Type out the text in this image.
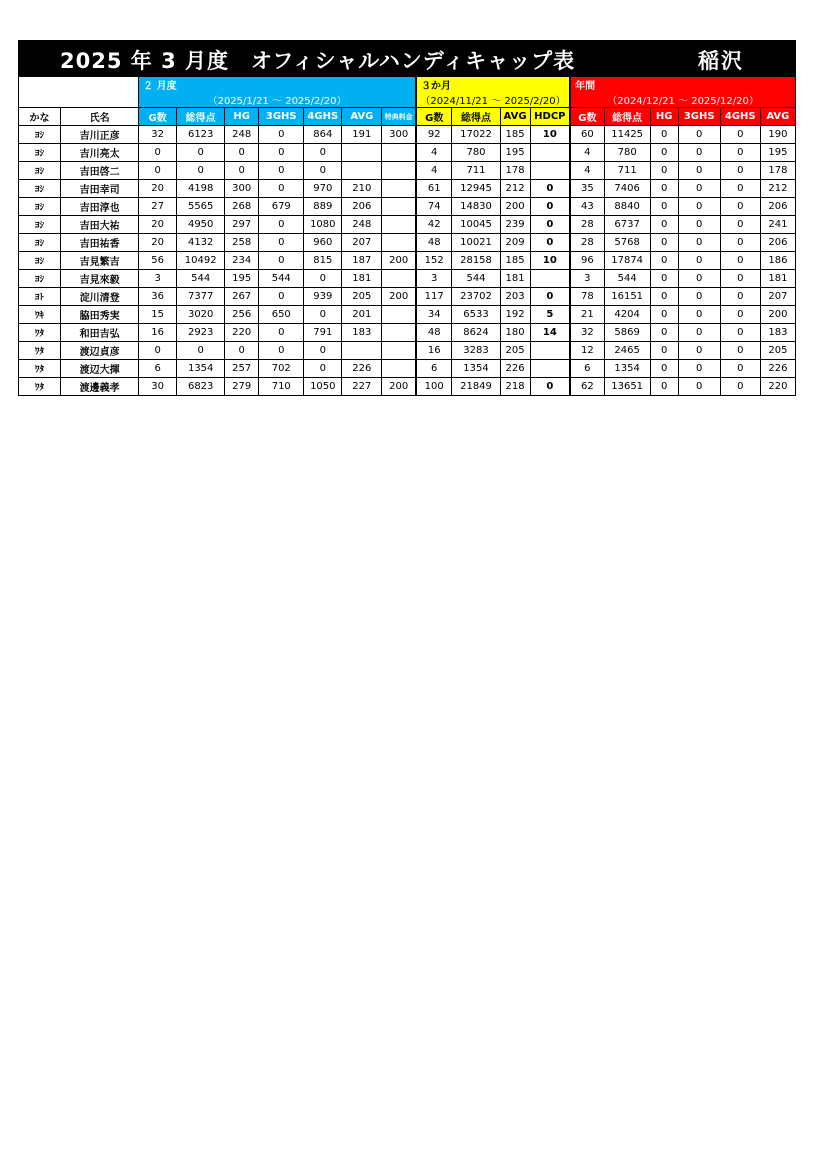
2025 年 3 月度　オフィシャルハンディキャップ表	稲沢
		２ 月度							３か月				年間					
		（2025/1/21 ～ 2025/2/20）							（2024/11/21 ～ 2025/2/20）				（2024/12/21 ～ 2025/12/20）					
かな	氏名	G数	総得点	HG	3GHS	4GHS	AVG	特典料金	G数	総得点	AVG	HDCP	G数	総得点	HG	3GHS	4GHS	AVG
ﾖｼ	吉川正彦	32	6123	248	0	864	191	300	92	17022	185	10	60	11425	0	0	0	190
ﾖｼ	吉川亮太	0	0	0	0	0			4	780	195		4	780	0	0	0	195
ﾖｼ	吉田啓二	0	0	0	0	0			4	711	178		4	711	0	0	0	178
ﾖｼ	吉田幸司	20	4198	300	0	970	210		61	12945	212	0	35	7406	0	0	0	212
ﾖｼ	吉田淳也	27	5565	268	679	889	206		74	14830	200	0	43	8840	0	0	0	206
ﾖｼ	吉田大祐	20	4950	297	0	1080	248		42	10045	239	0	28	6737	0	0	0	241
ﾖｼ	吉田祐香	20	4132	258	0	960	207		48	10021	209	0	28	5768	0	0	0	206
ﾖｼ	吉見繁吉	56	10492	234	0	815	187	200	152	28158	185	10	96	17874	0	0	0	186
ﾖｼ	吉見來毅	3	544	195	544	0	181		3	544	181		3	544	0	0	0	181
ﾖﾄ	淀川清登	36	7377	267	0	939	205	200	117	23702	203	0	78	16151	0	0	0	207
ﾜｷ	脇田秀実	15	3020	256	650	0	201		34	6533	192	5	21	4204	0	0	0	200
ﾜﾀ	和田吉弘	16	2923	220	0	791	183		48	8624	180	14	32	5869	0	0	0	183
ﾜﾀ	渡辺貞彦	0	0	0	0	0			16	3283	205		12	2465	0	0	0	205
ﾜﾀ	渡辺大揮	6	1354	257	702	0	226		6	1354	226		6	1354	0	0	0	226
ﾜﾀ	渡邊義孝	30	6823	279	710	1050	227	200	100	21849	218	0	62	13651	0	0	0	220
